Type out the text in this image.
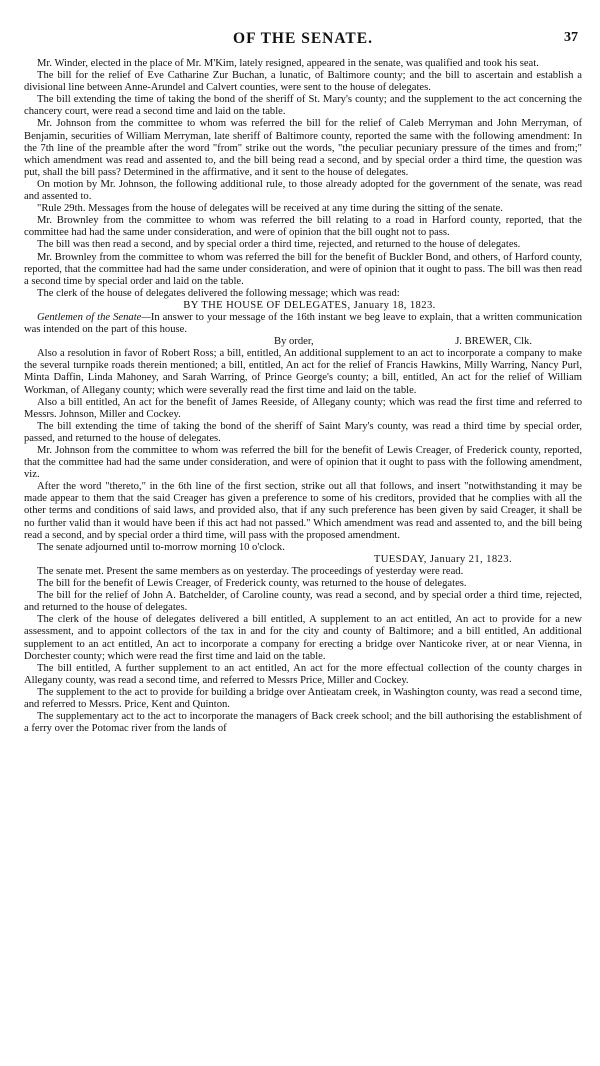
OF THE SENATE.	37

Mr. Winder, elected in the place of Mr. M'Kim, lately resigned, appeared in the senate, was qualified and took his seat.

The bill for the relief of Eve Catharine Zur Buchan, a lunatic, of Baltimore county; and the bill to ascertain and establish a divisional line between Anne-Arundel and Calvert counties, were sent to the house of delegates.

The bill extending the time of taking the bond of the sheriff of St. Mary's county; and the supplement to the act concerning the chancery court, were read a second time and laid on the table.

Mr. Johnson from the committee to whom was referred the bill for the relief of Caleb Merryman and John Merryman, of Benjamin, securities of William Merryman, late sheriff of Baltimore county, reported the same with the following amendment: In the 7th line of the preamble after the word "from" strike out the words, "the peculiar pecuniary pressure of the times and from;" which amendment was read and assented to, and the bill being read a second, and by special order a third time, the question was put, shall the bill pass? Determined in the affirmative, and it sent to the house of delegates.

On motion by Mr. Johnson, the following additional rule, to those already adopted for the government of the senate, was read and assented to.

"Rule 29th. Messages from the house of delegates will be received at any time during the sitting of the senate.

Mr. Brownley from the committee to whom was referred the bill relating to a road in Harford county, reported, that the committee had had the same under consideration, and were of opinion that the bill ought not to pass.

The bill was then read a second, and by special order a third time, rejected, and returned to the house of delegates.

Mr. Brownley from the committee to whom was referred the bill for the benefit of Buckler Bond, and others, of Harford county, reported, that the committee had had the same under consideration, and were of opinion that it ought to pass. The bill was then read a second time by special order and laid on the table.

The clerk of the house of delegates delivered the following message; which was read:

BY THE HOUSE OF DELEGATES, January 18, 1823.

Gentlemen of the Senate—In answer to your message of the 16th instant we beg leave to explain, that a written communication was intended on the part of this house.

By order,	J. BREWER, Clk.

Also a resolution in favor of Robert Ross; a bill, entitled, An additional supplement to an act to incorporate a company to make the several turnpike roads therein mentioned; a bill, entitled, An act for the relief of Francis Hawkins, Milly Warring, Nancy Purl, Minta Daffin, Linda Mahoney, and Sarah Warring, of Prince George's county; a bill, entitled, An act for the relief of William Workman, of Allegany county; which were severally read the first time and laid on the table.

Also a bill entitled, An act for the benefit of James Reeside, of Allegany county; which was read the first time and referred to Messrs. Johnson, Miller and Cockey.

The bill extending the time of taking the bond of the sheriff of Saint Mary's county, was read a third time by special order, passed, and returned to the house of delegates.

Mr. Johnson from the committee to whom was referred the bill for the benefit of Lewis Creager, of Frederick county, reported, that the committee had had the same under consideration, and were of opinion that it ought to pass with the following amendment, viz.

After the word "thereto," in the 6th line of the first section, strike out all that follows, and insert "notwithstanding it may be made appear to them that the said Creager has given a preference to some of his creditors, provided that he complies with all the other terms and conditions of said laws, and provided also, that if any such preference has been given by said Creager, it shall be no further valid than it would have been if this act had not passed." Which amendment was read and assented to, and the bill being read a second, and by special order a third time, will pass with the proposed amendment.

The senate adjourned until to-morrow morning 10 o'clock.

TUESDAY, January 21, 1823.

The senate met. Present the same members as on yesterday. The proceedings of yesterday were read.

The bill for the benefit of Lewis Creager, of Frederick county, was returned to the house of delegates.

The bill for the relief of John A. Batchelder, of Caroline county, was read a second, and by special order a third time, rejected, and returned to the house of delegates.

The clerk of the house of delegates delivered a bill entitled, A supplement to an act entitled, An act to provide for a new assessment, and to appoint collectors of the tax in and for the city and county of Baltimore; and a bill entitled, An additional supplement to an act entitled, An act to incorporate a company for erecting a bridge over Nanticoke river, at or near Vienna, in Dorchester county; which were read the first time and laid on the table.

The bill entitled, A further supplement to an act entitled, An act for the more effectual collection of the county charges in Allegany county, was read a second time, and referred to Messrs Price, Miller and Cockey.

The supplement to the act to provide for building a bridge over Antieatam creek, in Washington county, was read a second time, and referred to Messrs. Price, Kent and Quinton.

The supplementary act to the act to incorporate the managers of Back creek school; and the bill authorising the establishment of a ferry over the Potomac river from the lands of
